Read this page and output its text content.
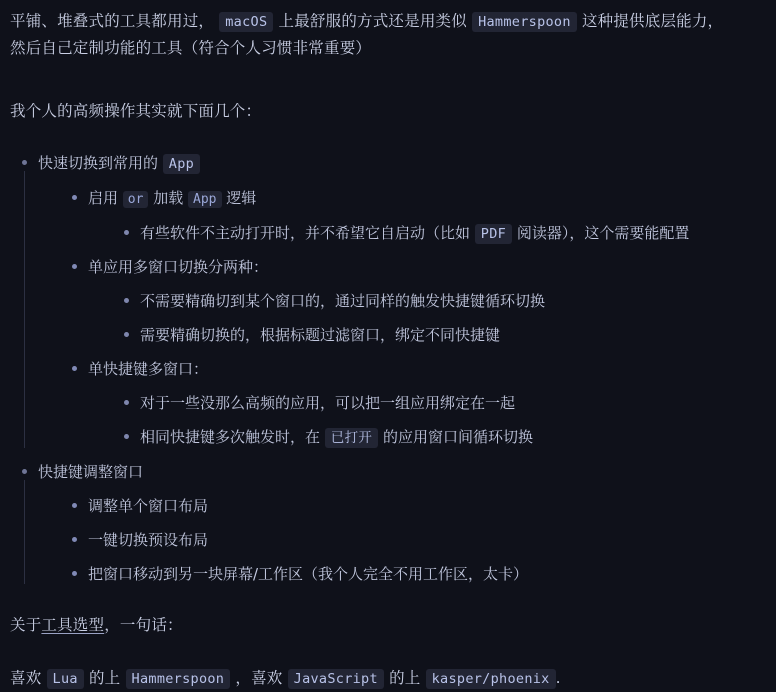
平铺、堆叠式的工具都用过， macOS 上最舒服的方式还是用类似 Hammerspoon 这种提供底层能力，
然后自己定制功能的工具（符合个人习惯非常重要）

我个人的高频操作其实就下面几个：

快速切换到常用的 App
启用 or 加载 App 逻辑
有些软件不主动打开时，并不希望它自启动（比如 PDF 阅读器），这个需要能配置
单应用多窗口切换分两种：
不需要精确切到某个窗口的，通过同样的触发快捷键循环切换
需要精确切换的，根据标题过滤窗口，绑定不同快捷键
单快捷键多窗口：
对于一些没那么高频的应用，可以把一组应用绑定在一起
相同快捷键多次触发时，在 已打开 的应用窗口间循环切换
快捷键调整窗口
调整单个窗口布局
一键切换预设布局
把窗口移动到另一块屏幕/工作区（我个人完全不用工作区，太卡）

关于工具选型，一句话：

喜欢 Lua 的上 Hammerspoon ，喜欢 JavaScript 的上 kasper/phoenix .
